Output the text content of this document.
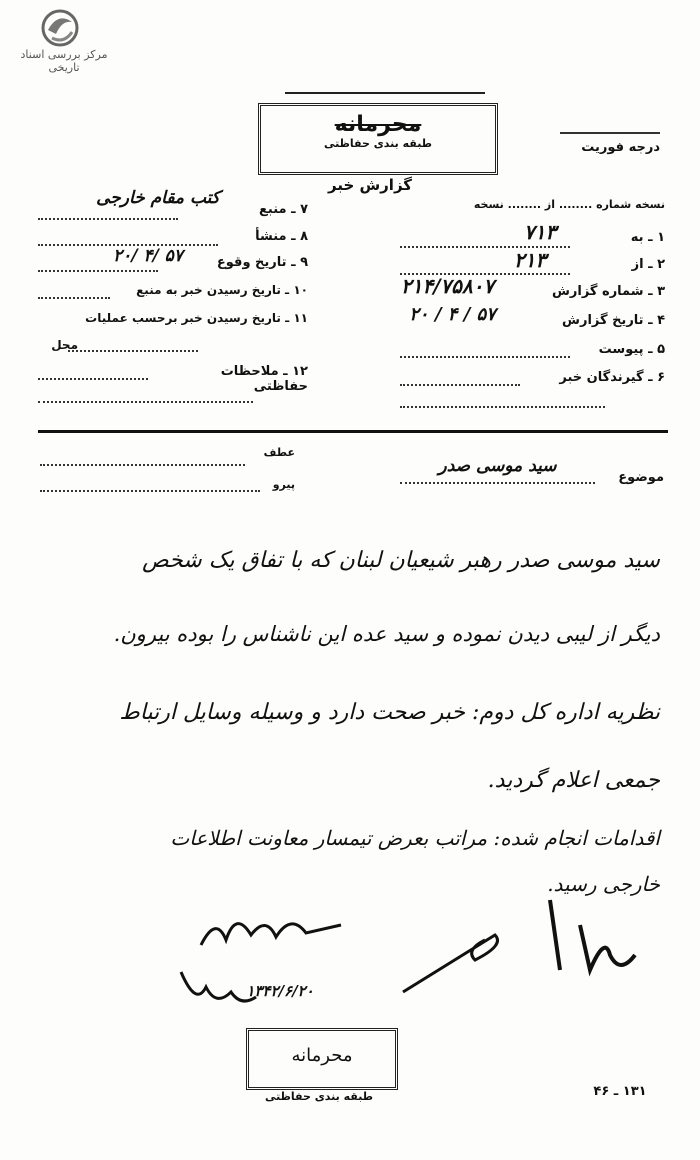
مرکز بررسی اسناد تاریخی
محرمانه
طبقه بندی حفاظتی	درجه فوریت
گزارش خبر
نسخه شماره ........ از ........ نسخه
۱ ـ به
۷۱۳
۲ ـ از
۲۱۳
۳ ـ شماره گزارش
۲۱۴/۷۵۸۰۷
۴ ـ تاریخ گزارش
۲۰ / ۴ / ۵۷
۵ ـ پیوست
۶ ـ گیرندگان خبر
۷ ـ منبع
کتب مقام خارجی
۸ ـ منشأ
۹ ـ تاریخ وقوع
۲۰/ ۴/ ۵۷
۱۰ ـ تاریخ رسیدن خبر به منبع
۱۱ ـ تاریخ رسیدن خبر برحسب عملیات
محل
۱۲ ـ ملاحظات حفاظتی
عطف
پیرو	موضوع
سید موسی صدر
سید موسی صدر رهبر شیعیان لبنان که با تفاق یک شخص
دیگر از لیبی دیدن نموده و سید عده این ناشناس را بوده بیرون.
نظریه اداره کل دوم: خبر صحت دارد و وسیله وسایل ارتباط
جمعی اعلام گردید.
اقدامات انجام شده: مراتب بعرض تیمسار معاونت اطلاعات
خارجی رسید.
۱۳۴۲/۶/۲۰
محرمانه
طبقه بندی حفاظتی	۱۳۱ ـ ۴۶
